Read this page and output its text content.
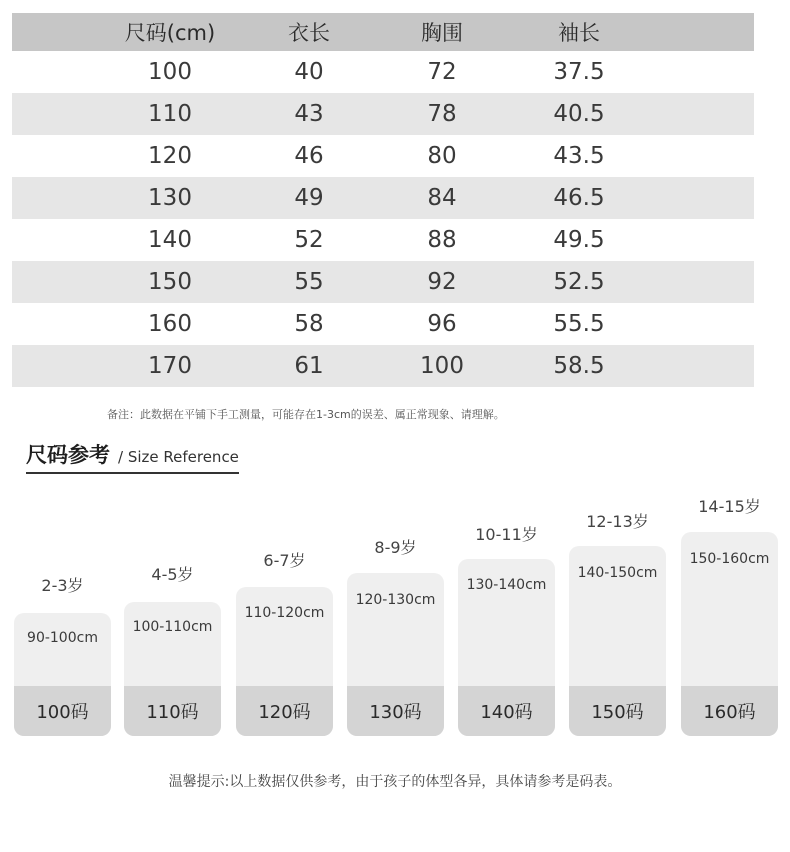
尺码(cm)	衣长	胸围	袖长
100	40	72	37.5
110	43	78	40.5
120	46	80	43.5
130	49	84	46.5
140	52	88	49.5
150	55	92	52.5
160	58	96	55.5
170	61	100	58.5
备注：此数据在平铺下手工测量，可能存在1-3cm的误差、属正常现象、请理解。
尺码参考 / Size Reference
2-3岁
90-100cm
100码
4-5岁
100-110cm
110码
6-7岁
110-120cm
120码
8-9岁
120-130cm
130码
10-11岁
130-140cm
140码
12-13岁
140-150cm
150码
14-15岁
150-160cm
160码
温馨提示:以上数据仅供参考，由于孩子的体型各异，具体请参考是码表。
